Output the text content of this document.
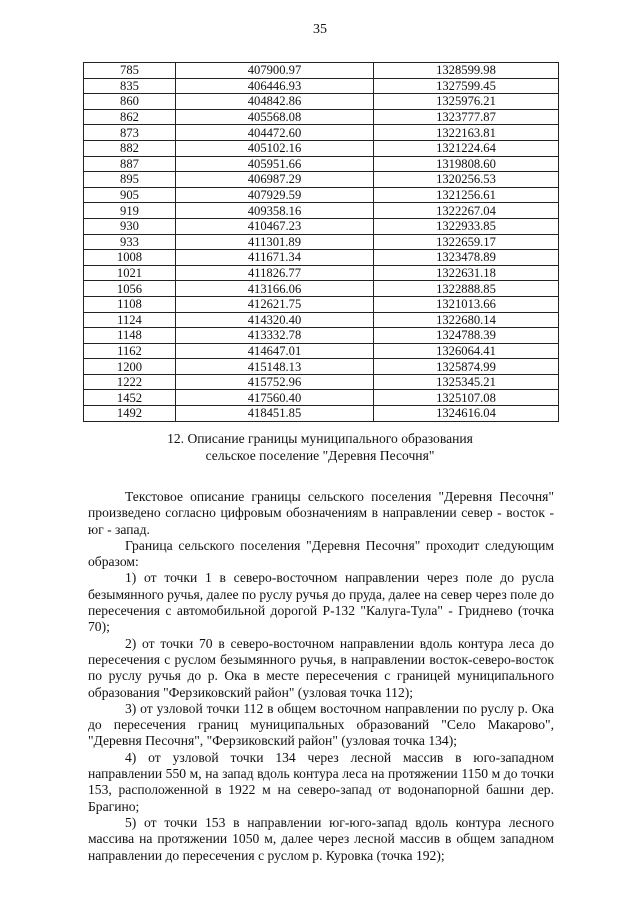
35
785	407900.97	1328599.98
835	406446.93	1327599.45
860	404842.86	1325976.21
862	405568.08	1323777.87
873	404472.60	1322163.81
882	405102.16	1321224.64
887	405951.66	1319808.60
895	406987.29	1320256.53
905	407929.59	1321256.61
919	409358.16	1322267.04
930	410467.23	1322933.85
933	411301.89	1322659.17
1008	411671.34	1323478.89
1021	411826.77	1322631.18
1056	413166.06	1322888.85
1108	412621.75	1321013.66
1124	414320.40	1322680.14
1148	413332.78	1324788.39
1162	414647.01	1326064.41
1200	415148.13	1325874.99
1222	415752.96	1325345.21
1452	417560.40	1325107.08
1492	418451.85	1324616.04
12. Описание границы муниципального образования
сельское поселение "Деревня Песочня"

Текстовое описание границы сельского поселения "Деревня Песочня" произведено согласно цифровым обозначениям в направлении север - восток - юг - запад.

Граница сельского поселения "Деревня Песочня" проходит следующим образом:

1) от точки 1 в северо-восточном направлении через поле до русла безымянного ручья, далее по руслу ручья до пруда, далее на север через поле до пересечения с автомобильной дорогой Р-132 "Калуга-Тула" - Гриднево (точка 70);

2) от точки 70 в северо-восточном направлении вдоль контура леса до пересечения с руслом безымянного ручья, в направлении восток-северо-восток по руслу ручья до р. Ока в месте пересечения с границей муниципального образования "Ферзиковский район" (узловая точка 112);

3) от узловой точки 112 в общем восточном направлении по руслу р. Ока до пересечения границ муниципальных образований "Село Макарово", "Деревня Песочня", "Ферзиковский район" (узловая точка 134);

4) от узловой точки 134 через лесной массив в юго-западном направлении 550 м, на запад вдоль контура леса на протяжении 1150 м до точки 153, расположенной в 1922 м на северо-запад от водонапорной башни дер. Брагино;

5) от точки 153 в направлении юг-юго-запад вдоль контура лесного массива на протяжении 1050 м, далее через лесной массив в общем западном направлении до пересечения с руслом р. Куровка (точка 192);
